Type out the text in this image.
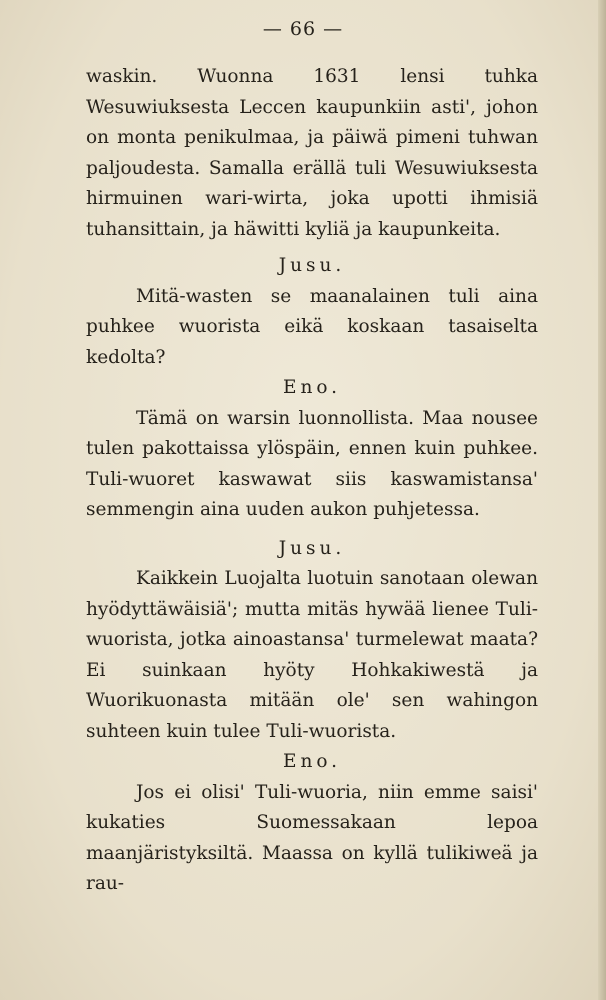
— 66 —

waskin. Wuonna 1631 lensi tuhka Wesuwiuksesta Leccen kaupunkiin asti', johon on monta penikulmaa, ja päiwä pimeni tuhwan paljoudesta. Samalla erällä tuli Wesuwiuksesta hirmuinen wari-wirta, joka upotti ihmisiä tuhansittain, ja häwitti kyliä ja kaupunkeita.

Jusu.

Mitä-wasten se maanalainen tuli aina puhkee wuorista eikä koskaan tasaiselta kedolta?

Eno.

Tämä on warsin luonnollista. Maa nousee tulen pakottaissa ylöspäin, ennen kuin puhkee. Tuli-wuoret kaswawat siis kaswamistansa' semmengin aina uuden aukon puhjetessa.

Jusu.

Kaikkein Luojalta luotuin sanotaan olewan hyödyttäwäisiä'; mutta mitäs hywää lienee Tuli-wuorista, jotka ainoastansa' turmelewat maata? Ei suinkaan hyöty Hohkakiwestä ja Wuorikuonasta mitään ole' sen wahingon suhteen kuin tulee Tuli-wuorista.

Eno.

Jos ei olisi' Tuli-wuoria, niin emme saisi' kukaties Suomessakaan lepoa maanjäristyksiltä. Maassa on kyllä tulikiweä ja rau-
